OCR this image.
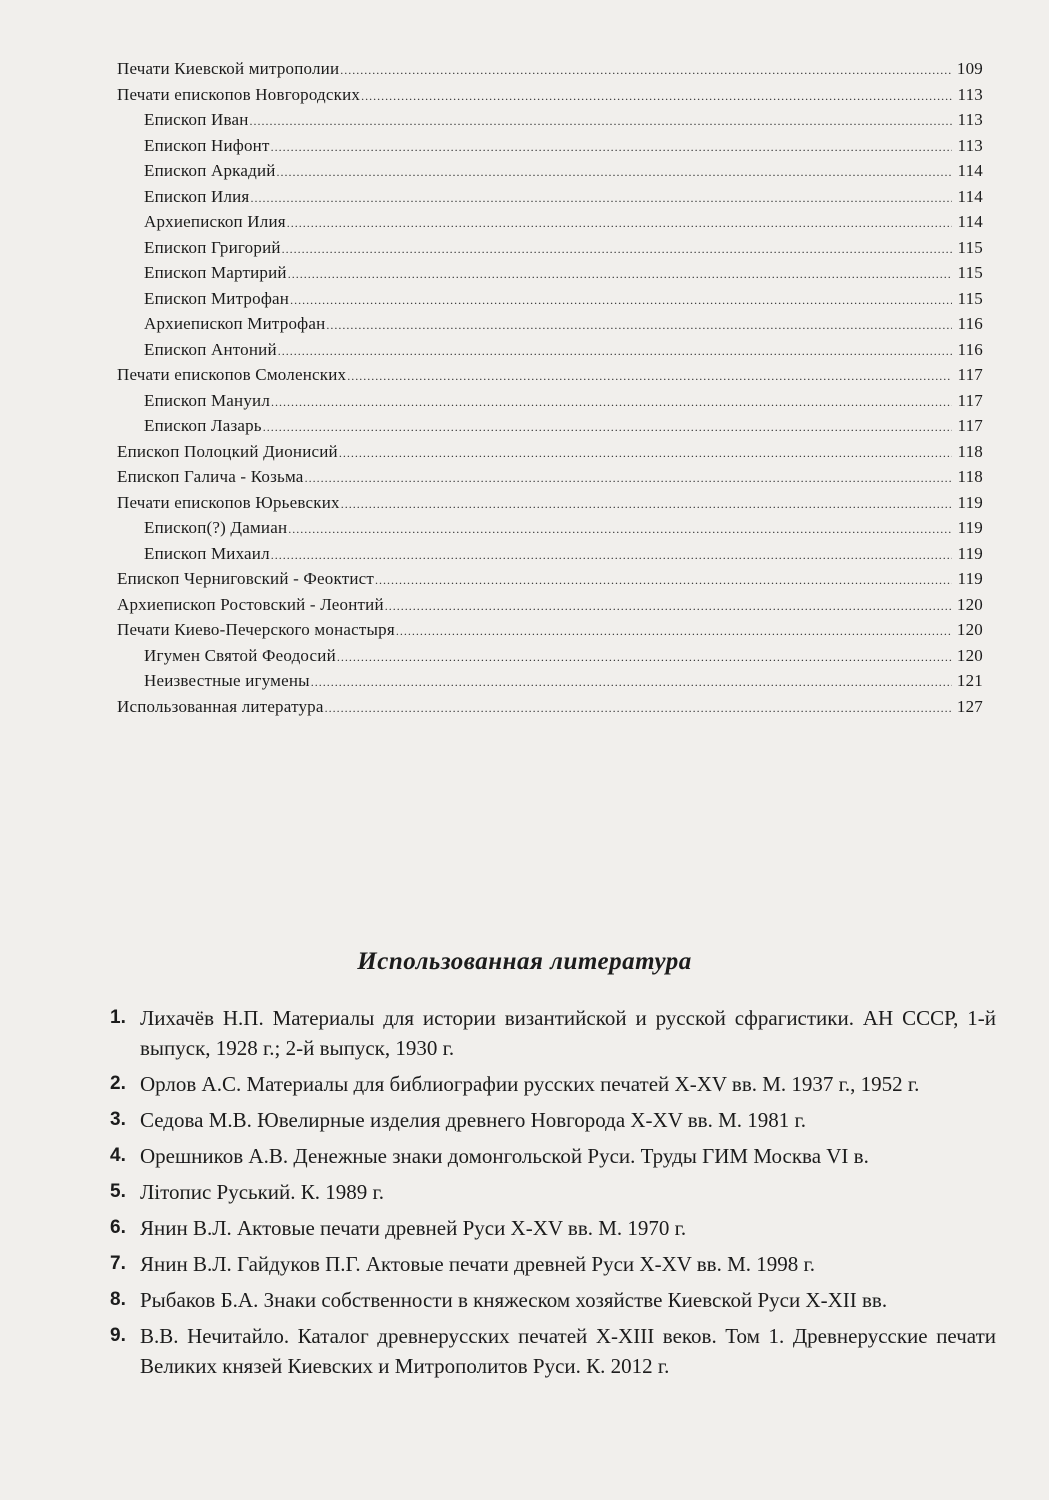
Печати Киевской митрополии .....	109
Печати епископов Новгородских .....	113
Епископ Иван .....	113
Епископ Нифонт .....	113
Епископ Аркадий .....	114
Епископ Илия .....	114
Архиепископ Илия .....	114
Епископ Григорий .....	115
Епископ Мартирий .....	115
Епископ Митрофан .....	115
Архиепископ Митрофан .....	116
Епископ Антоний .....	116
Печати епископов Смоленских .....	117
Епископ Мануил .....	117
Епископ Лазарь .....	117
Епископ Полоцкий Дионисий .....	118
Епископ Галича - Козьма .....	118
Печати епископов Юрьевских .....	119
Епископ(?) Дамиан .....	119
Епископ Михаил .....	119
Епископ Черниговский - Феоктист .....	119
Архиепископ Ростовский - Леонтий .....	120
Печати Киево-Печерского монастыря .....	120
Игумен Святой Феодосий .....	120
Неизвестные игумены .....	121
Использованная литература .....	127
Использованная литература
1. Лихачёв Н.П. Материалы для истории византийской и русской сфрагистики. АН СССР, 1-й выпуск, 1928 г.; 2-й выпуск, 1930 г.
2. Орлов А.С. Материалы для библиографии русских печатей X-XV вв. М. 1937 г., 1952 г.
3. Седова М.В. Ювелирные изделия древнего Новгорода X-XV вв. М. 1981 г.
4. Орешников А.В. Денежные знаки домонгольской Руси. Труды ГИМ Москва VI в.
5. Літопис Руський. К. 1989 г.
6. Янин В.Л. Актовые печати древней Руси X-XV вв. М. 1970 г.
7. Янин В.Л. Гайдуков П.Г. Актовые печати древней Руси X-XV вв. М. 1998 г.
8. Рыбаков Б.А. Знаки собственности в княжеском хозяйстве Киевской Руси X-XII вв.
9. В.В. Нечитайло. Каталог древнерусских печатей X-XIII веков. Том 1. Древнерусские печати Великих князей Киевских и Митрополитов Руси. К. 2012 г.
